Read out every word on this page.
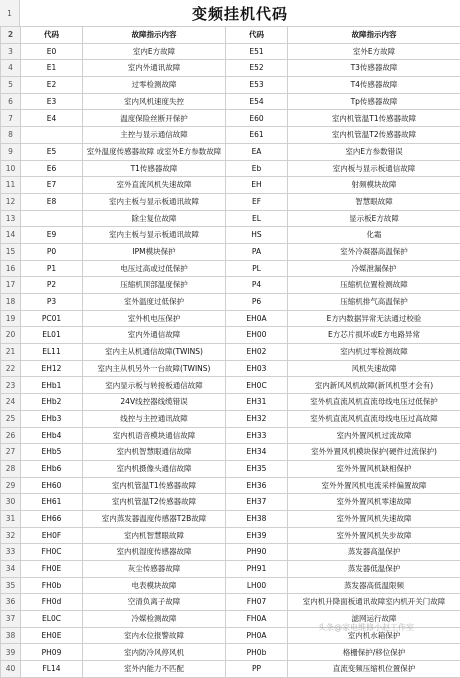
1	变频挂机代码
2	代码	故障指示内容	代码	故障指示内容
3	E0	室内E方故障	E51	室外E方故障
4	E1	室内外通讯故障	E52	T3传感器故障
5	E2	过零检测故障	E53	T4传感器故障
6	E3	室内风机速度失控	E54	Tp传感器故障
7	E4	温度保险丝断开保护	E60	室内机管温T1传感器故障
8		主控与显示通信故障	E61	室内机管温T2传感器故障
9	E5	室外温度传感器故障 或室外E方参数故障	EA	室内E方参数错误
10	E6	T1传感器故障	Eb	室内板与显示板通信故障
11	E7	室外直流风机失速故障	EH	射频模块故障
12	E8	室内主板与显示板通讯故障	EF	智慧眼故障
13		除尘复位故障	EL	显示板E方故障
14	E9	室内主板与显示板通讯故障	HS	化霜
15	P0	IPM模块保护	PA	室外冷凝器高温保护
16	P1	电压过高或过低保护	PL	冷媒泄漏保护
17	P2	压缩机顶部温度保护	P4	压缩机位置检测故障
18	P3	室外温度过低保护	P6	压缩机排气高温保护
19	PC01	室外机电压保护	EH0A	E方内数据异常无法通过校验
20	EL01	室内外通信故障	EH00	E方芯片损坏或E方电路异常
21	EL11	室内主从机通信故障(TWINS)	EH02	室内机过零检测故障
22	EH12	室内主从机另外一台故障(TWINS)	EH03	风机失速故障
23	EHb1	室内显示板与转接板通信故障	EH0C	室内新风风机故障(新风机型才会有)
24	EHb2	24V线控器线缆错误	EH31	室外机直流风机直流母线电压过低保护
25	EHb3	线控与主控通讯故障	EH32	室外机直流风机直流母线电压过高故障
26	EHb4	室内机语音模块通信故障	EH33	室内外置风机过流故障
27	EHb5	室内机智慧眼通信故障	EH34	室外外置风机模块保护(硬件过流保护)
28	EHb6	室内机摄像头通信故障	EH35	室外外置风机缺相保护
29	EH60	室内机管温T1传感器故障	EH36	室外外置风机电流采样偏置故障
30	EH61	室内机管温T2传感器故障	EH37	室外外置风机零速故障
31	EH66	室内蒸发器温度传感器T2B故障	EH38	室外外置风机失速故障
32	EH0F	室内机智慧眼故障	EH39	室外外置风机失步故障
33	FH0C	室内机湿度传感器故障	PH90	蒸发器高温保护
34	FH0E	灰尘传感器故障	PH91	蒸发器低温保护
35	FH0b	电表模块故障	LH00	蒸发器高低温限频
36	FH0d	空清负离子故障	FH07	室内机升降面板通讯故障室内机开关门故障
37	EL0C	冷媒检测故障	FH0A	滤网运行故障
38	EH0E	室内水位报警故障	PH0A	室内机水箱保护
39	PH09	室内防冷风停风机	PH0b	格栅保护/移位保护
40	FL14	室外内能力不匹配	PP	直流变频压缩机位置保护
头条@家电维修小赵工作室
